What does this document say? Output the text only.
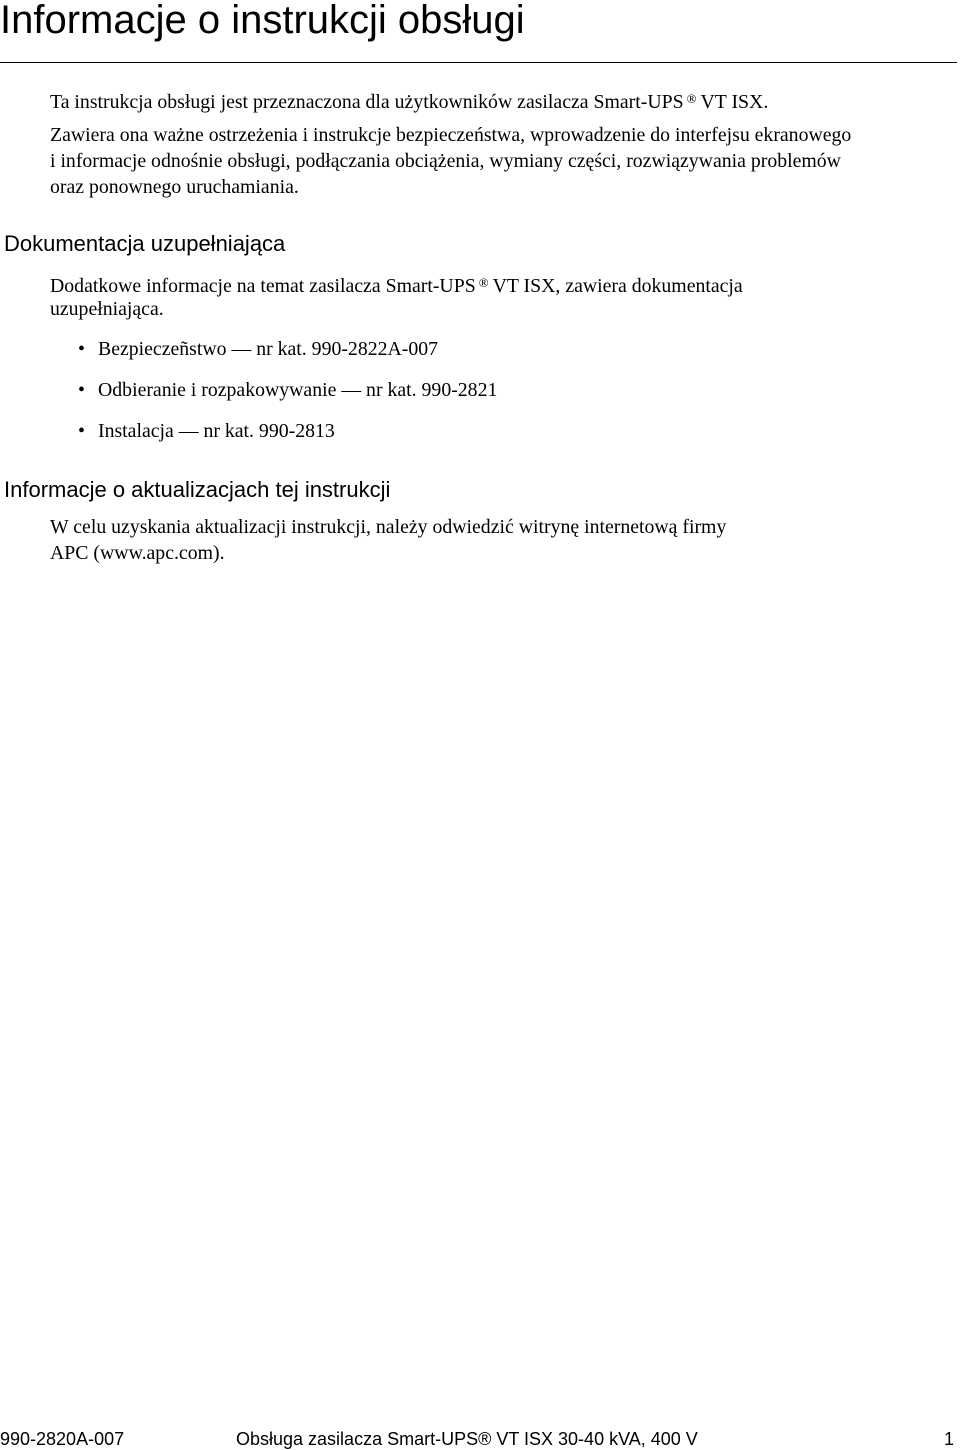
Informacje o instrukcji obsługi

Ta instrukcja obsługi jest przeznaczona dla użytkowników zasilacza Smart-UPS ® VT ISX.

Zawiera ona ważne ostrzeżenia i instrukcje bezpieczeństwa, wprowadzenie do interfejsu ekranowego

i informacje odnośnie obsługi, podłączania obciążenia, wymiany części, rozwiązywania problemów

oraz ponownego uruchamiania.

Dokumentacja uzupełniająca

Dodatkowe informacje na temat zasilacza Smart-UPS ® VT ISX, zawiera dokumentacja

uzupełniająca.

• Bezpieczeñstwo — nr kat. 990-2822A-007
• Odbieranie i rozpakowywanie — nr kat. 990-2821
• Instalacja — nr kat. 990-2813
Informacje o aktualizacjach tej instrukcji

W celu uzyskania aktualizacji instrukcji, należy odwiedzić witrynę internetową firmy

APC (www.apc.com).

990-2820A-007	Obsługa zasilacza Smart-UPS® VT ISX 30-40 kVA, 400 V	1
